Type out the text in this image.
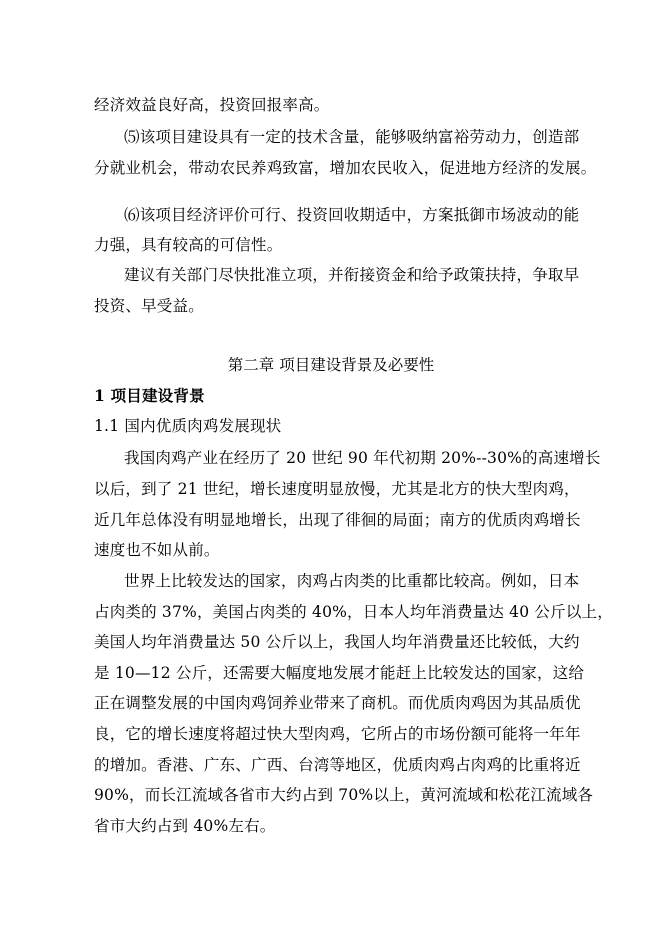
经济效益良好高，投资回报率高。
⑸该项目建设具有一定的技术含量，能够吸纳富裕劳动力，创造部
分就业机会，带动农民养鸡致富，增加农民收入，促进地方经济的发展。
⑹该项目经济评价可行、投资回收期适中，方案抵御市场波动的能
力强，具有较高的可信性。
建议有关部门尽快批准立项，并衔接资金和给予政策扶持，争取早
投资、早受益。
第二章 项目建设背景及必要性
1 项目建设背景
1.1 国内优质肉鸡发展现状
我国肉鸡产业在经历了 20 世纪 90 年代初期 20%--30%的高速增长
以后，到了 21 世纪，增长速度明显放慢，尤其是北方的快大型肉鸡，
近几年总体没有明显地增长，出现了徘徊的局面；南方的优质肉鸡增长
速度也不如从前。
世界上比较发达的国家，肉鸡占肉类的比重都比较高。例如，日本
占肉类的 37%，美国占肉类的 40%，日本人均年消费量达 40 公斤以上，
美国人均年消费量达 50 公斤以上，我国人均年消费量还比较低，大约
是 10—12 公斤，还需要大幅度地发展才能赶上比较发达的国家，这给
正在调整发展的中国肉鸡饲养业带来了商机。而优质肉鸡因为其品质优
良，它的增长速度将超过快大型肉鸡，它所占的市场份额可能将一年年
的增加。香港、广东、广西、台湾等地区，优质肉鸡占肉鸡的比重将近
90%，而长江流域各省市大约占到 70%以上，黄河流域和松花江流域各
省市大约占到 40%左右。
